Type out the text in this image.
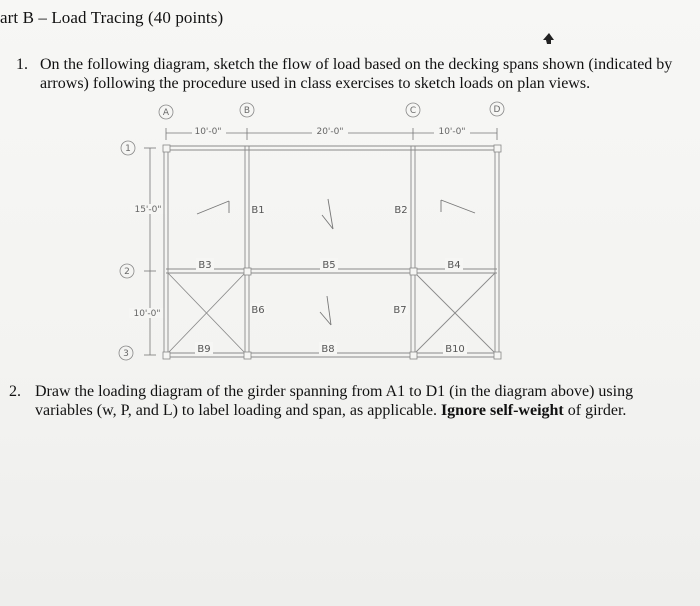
art B – Load Tracing (40 points)
1. On the following diagram, sketch the flow of load based on the decking spans shown (indicated by arrows) following the procedure used in class exercises to sketch loads on plan views.
A	B	C	D
1
2
3
10'-0"	20'-0"	10'-0"
15'-0"
10'-0"
B1	B2
B3	B4
B5
B6	B7
B8
B9	B10
2. Draw the loading diagram of the girder spanning from A1 to D1 (in the diagram above) using variables (w, P, and L) to label loading and span, as applicable. Ignore self-weight of girder.
